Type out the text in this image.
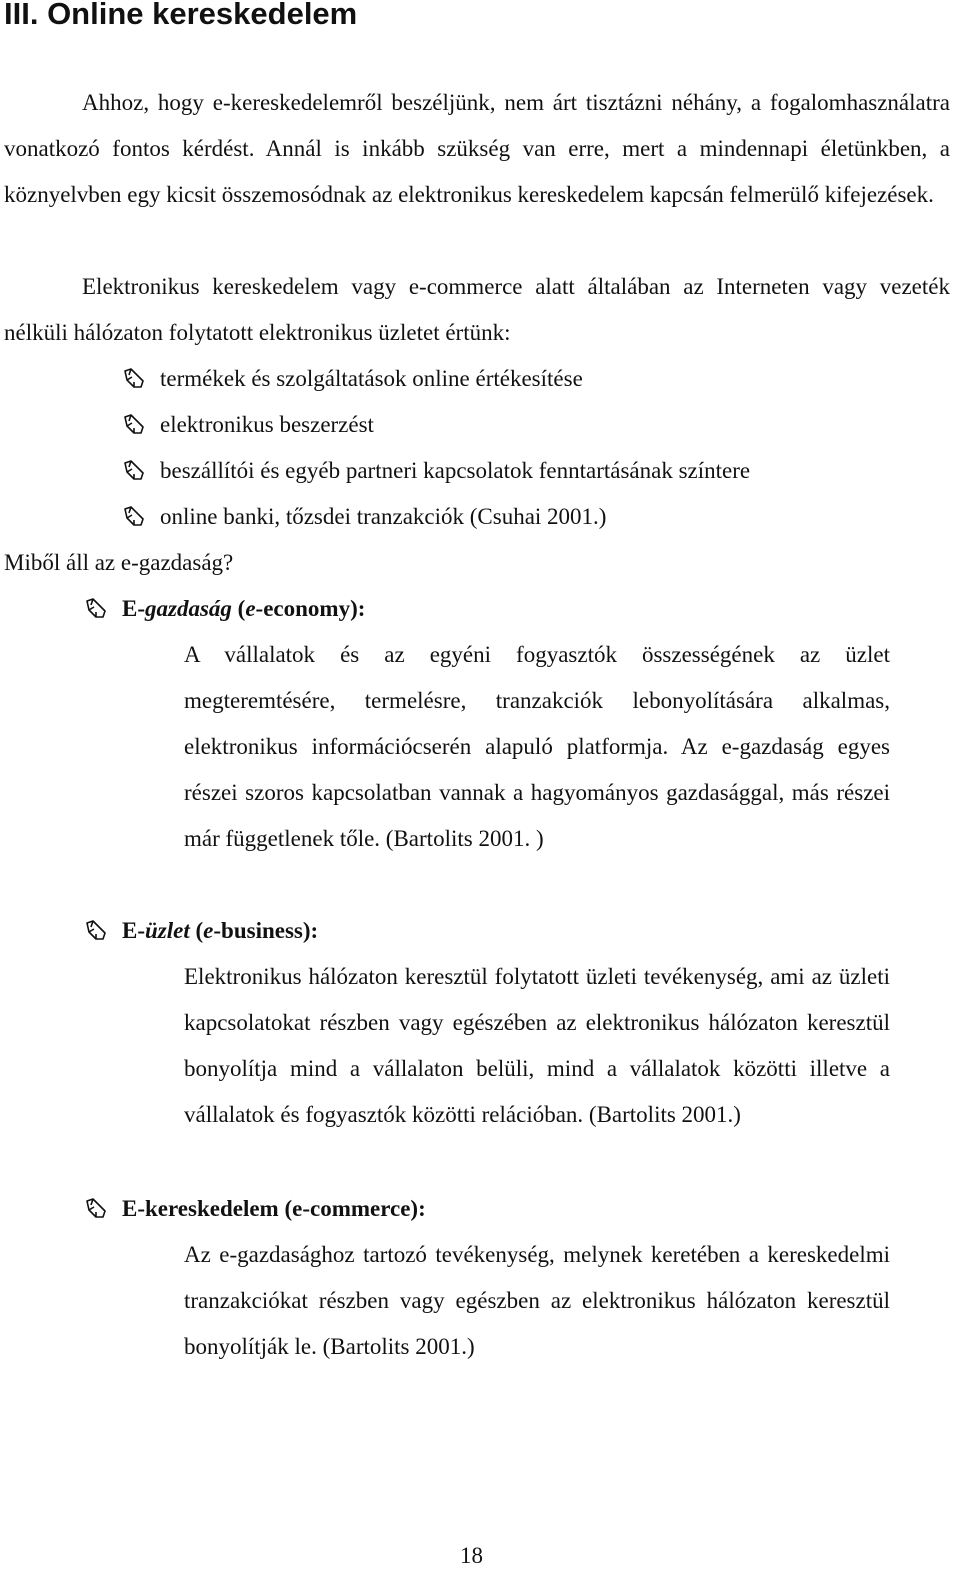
III. Online kereskedelem

Ahhoz, hogy e-kereskedelemről beszéljünk, nem árt tisztázni néhány, a fogalomhasználatra vonatkozó fontos kérdést. Annál is inkább szükség van erre, mert a mindennapi életünkben, a köznyelvben egy kicsit összemosódnak az elektronikus kereskedelem kapcsán felmerülő kifejezések.

Elektronikus kereskedelem vagy e-commerce alatt általában az Interneten vagy vezeték nélküli hálózaton folytatott elektronikus üzletet értünk:

termékek és szolgáltatások online értékesítése
elektronikus beszerzést
beszállítói és egyéb partneri kapcsolatok fenntartásának színtere
online banki, tőzsdei tranzakciók (Csuhai 2001.)

Miből áll az e-gazdaság?

E-gazdaság (e-economy):

A vállalatok és az egyéni fogyasztók összességének az üzlet megteremtésére, termelésre, tranzakciók lebonyolítására alkalmas, elektronikus információcserén alapuló platformja. Az e-gazdaság egyes részei szoros kapcsolatban vannak a hagyományos gazdasággal, más részei már függetlenek tőle. (Bartolits 2001. )

E-üzlet (e-business):

Elektronikus hálózaton keresztül folytatott üzleti tevékenység, ami az üzleti kapcsolatokat részben vagy egészében az elektronikus hálózaton keresztül bonyolítja mind a vállalaton belüli, mind a vállalatok közötti illetve a vállalatok és fogyasztók közötti relációban. (Bartolits 2001.)

E-kereskedelem (e-commerce):

Az e-gazdasághoz tartozó tevékenység, melynek keretében a kereskedelmi tranzakciókat részben vagy egészben az elektronikus hálózaton keresztül bonyolítják le. (Bartolits 2001.)

18
